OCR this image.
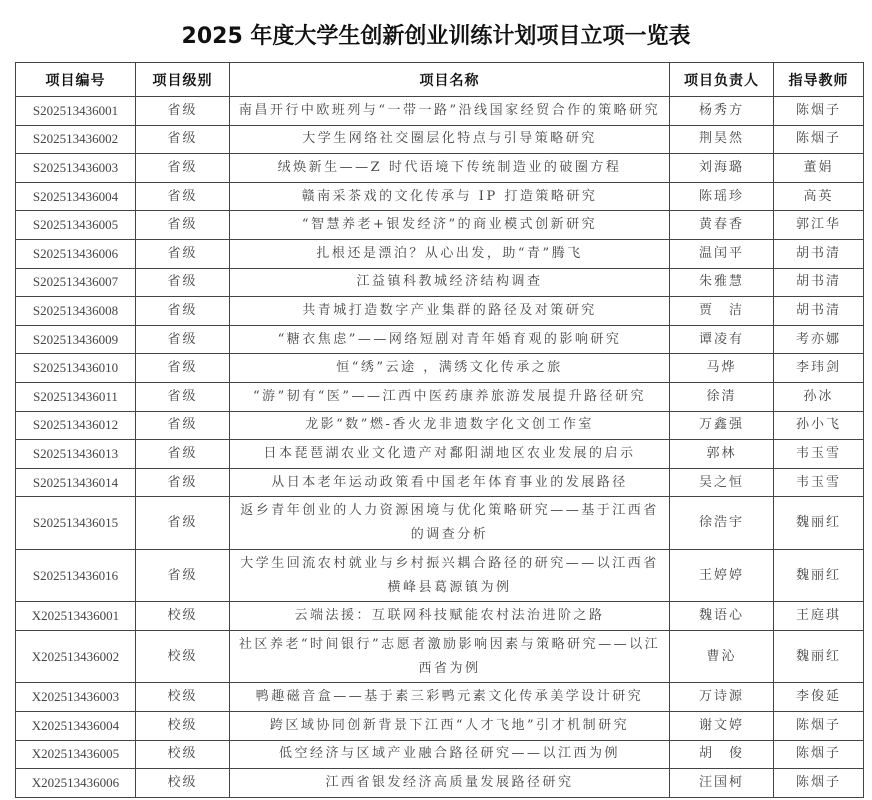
2025 年度大学生创新创业训练计划项目立项一览表
项目编号	项目级别	项目名称	项目负责人	指导教师
S202513436001	省级	南昌开行中欧班列与“一带一路”沿线国家经贸合作的策略研究	杨秀方	陈烟子
S202513436002	省级	大学生网络社交圈层化特点与引导策略研究	荆昊然	陈烟子
S202513436003	省级	绒焕新生——Z 时代语境下传统制造业的破圈方程	刘海璐	董娟
S202513436004	省级	赣南采茶戏的文化传承与 IP 打造策略研究	陈瑶珍	高英
S202513436005	省级	“智慧养老+银发经济”的商业模式创新研究	黄春香	郭江华
S202513436006	省级	扎根还是漂泊？从心出发，助“青”腾飞	温闰平	胡书清
S202513436007	省级	江益镇科教城经济结构调查	朱雅慧	胡书清
S202513436008	省级	共青城打造数字产业集群的路径及对策研究	贾　洁	胡书清
S202513436009	省级	“糖衣焦虑”——网络短剧对青年婚育观的影响研究	谭凌有	考亦娜
S202513436010	省级	恒“绣”云途 ，满绣文化传承之旅	马烨	李玮剑
S202513436011	省级	“游”韧有“医”——江西中医药康养旅游发展提升路径研究	徐清	孙冰
S202513436012	省级	龙影“数”燃-香火龙非遗数字化文创工作室	万鑫强	孙小飞
S202513436013	省级	日本琵琶湖农业文化遗产对鄱阳湖地区农业发展的启示	郭林	韦玉雪
S202513436014	省级	从日本老年运动政策看中国老年体育事业的发展路径	吴之恒	韦玉雪
S202513436015	省级	返乡青年创业的人力资源困境与优化策略研究——基于江西省的调查分析	徐浩宇	魏丽红
S202513436016	省级	大学生回流农村就业与乡村振兴耦合路径的研究——以江西省横峰县葛源镇为例	王婷婷	魏丽红
X202513436001	校级	云端法援：互联网科技赋能农村法治进阶之路	魏语心	王庭琪
X202513436002	校级	社区养老“时间银行”志愿者激励影响因素与策略研究——以江西省为例	曹沁	魏丽红
X202513436003	校级	鸭趣磁音盒——基于素三彩鸭元素文化传承美学设计研究	万诗源	李俊延
X202513436004	校级	跨区域协同创新背景下江西“人才飞地”引才机制研究	谢文婷	陈烟子
X202513436005	校级	低空经济与区域产业融合路径研究——以江西为例	胡　俊	陈烟子
X202513436006	校级	江西省银发经济高质量发展路径研究	汪国柯	陈烟子
